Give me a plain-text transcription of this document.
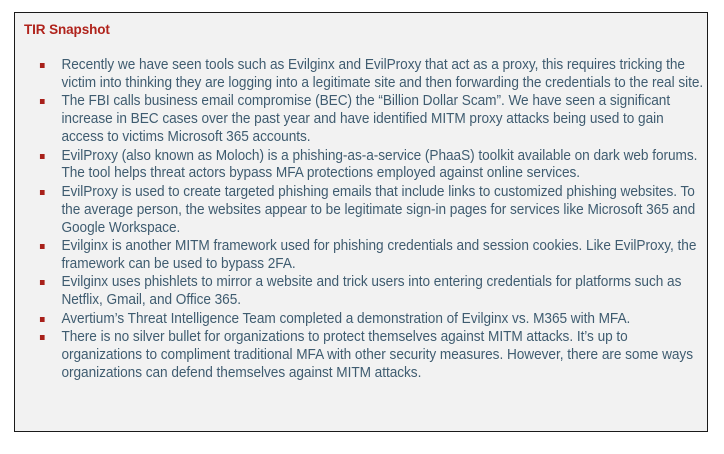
TIR Snapshot
Recently we have seen tools such as Evilginx and EvilProxy that act as a proxy, this requires tricking the victim into thinking they are logging into a legitimate site and then forwarding the credentials to the real site.
The FBI calls business email compromise (BEC) the “Billion Dollar Scam”. We have seen a significant increase in BEC cases over the past year and have identified MITM proxy attacks being used to gain access to victims Microsoft 365 accounts.
EvilProxy (also known as Moloch) is a phishing-as-a-service (PhaaS) toolkit available on dark web forums. The tool helps threat actors bypass MFA protections employed against online services.
EvilProxy is used to create targeted phishing emails that include links to customized phishing websites. To the average person, the websites appear to be legitimate sign-in pages for services like Microsoft 365 and Google Workspace.
Evilginx is another MITM framework used for phishing credentials and session cookies. Like EvilProxy, the framework can be used to bypass 2FA.
Evilginx uses phishlets to mirror a website and trick users into entering credentials for platforms such as Netflix, Gmail, and Office 365.
Avertium’s Threat Intelligence Team completed a demonstration of Evilginx vs. M365 with MFA.
There is no silver bullet for organizations to protect themselves against MITM attacks. It’s up to organizations to compliment traditional MFA with other security measures. However, there are some ways organizations can defend themselves against MITM attacks.
